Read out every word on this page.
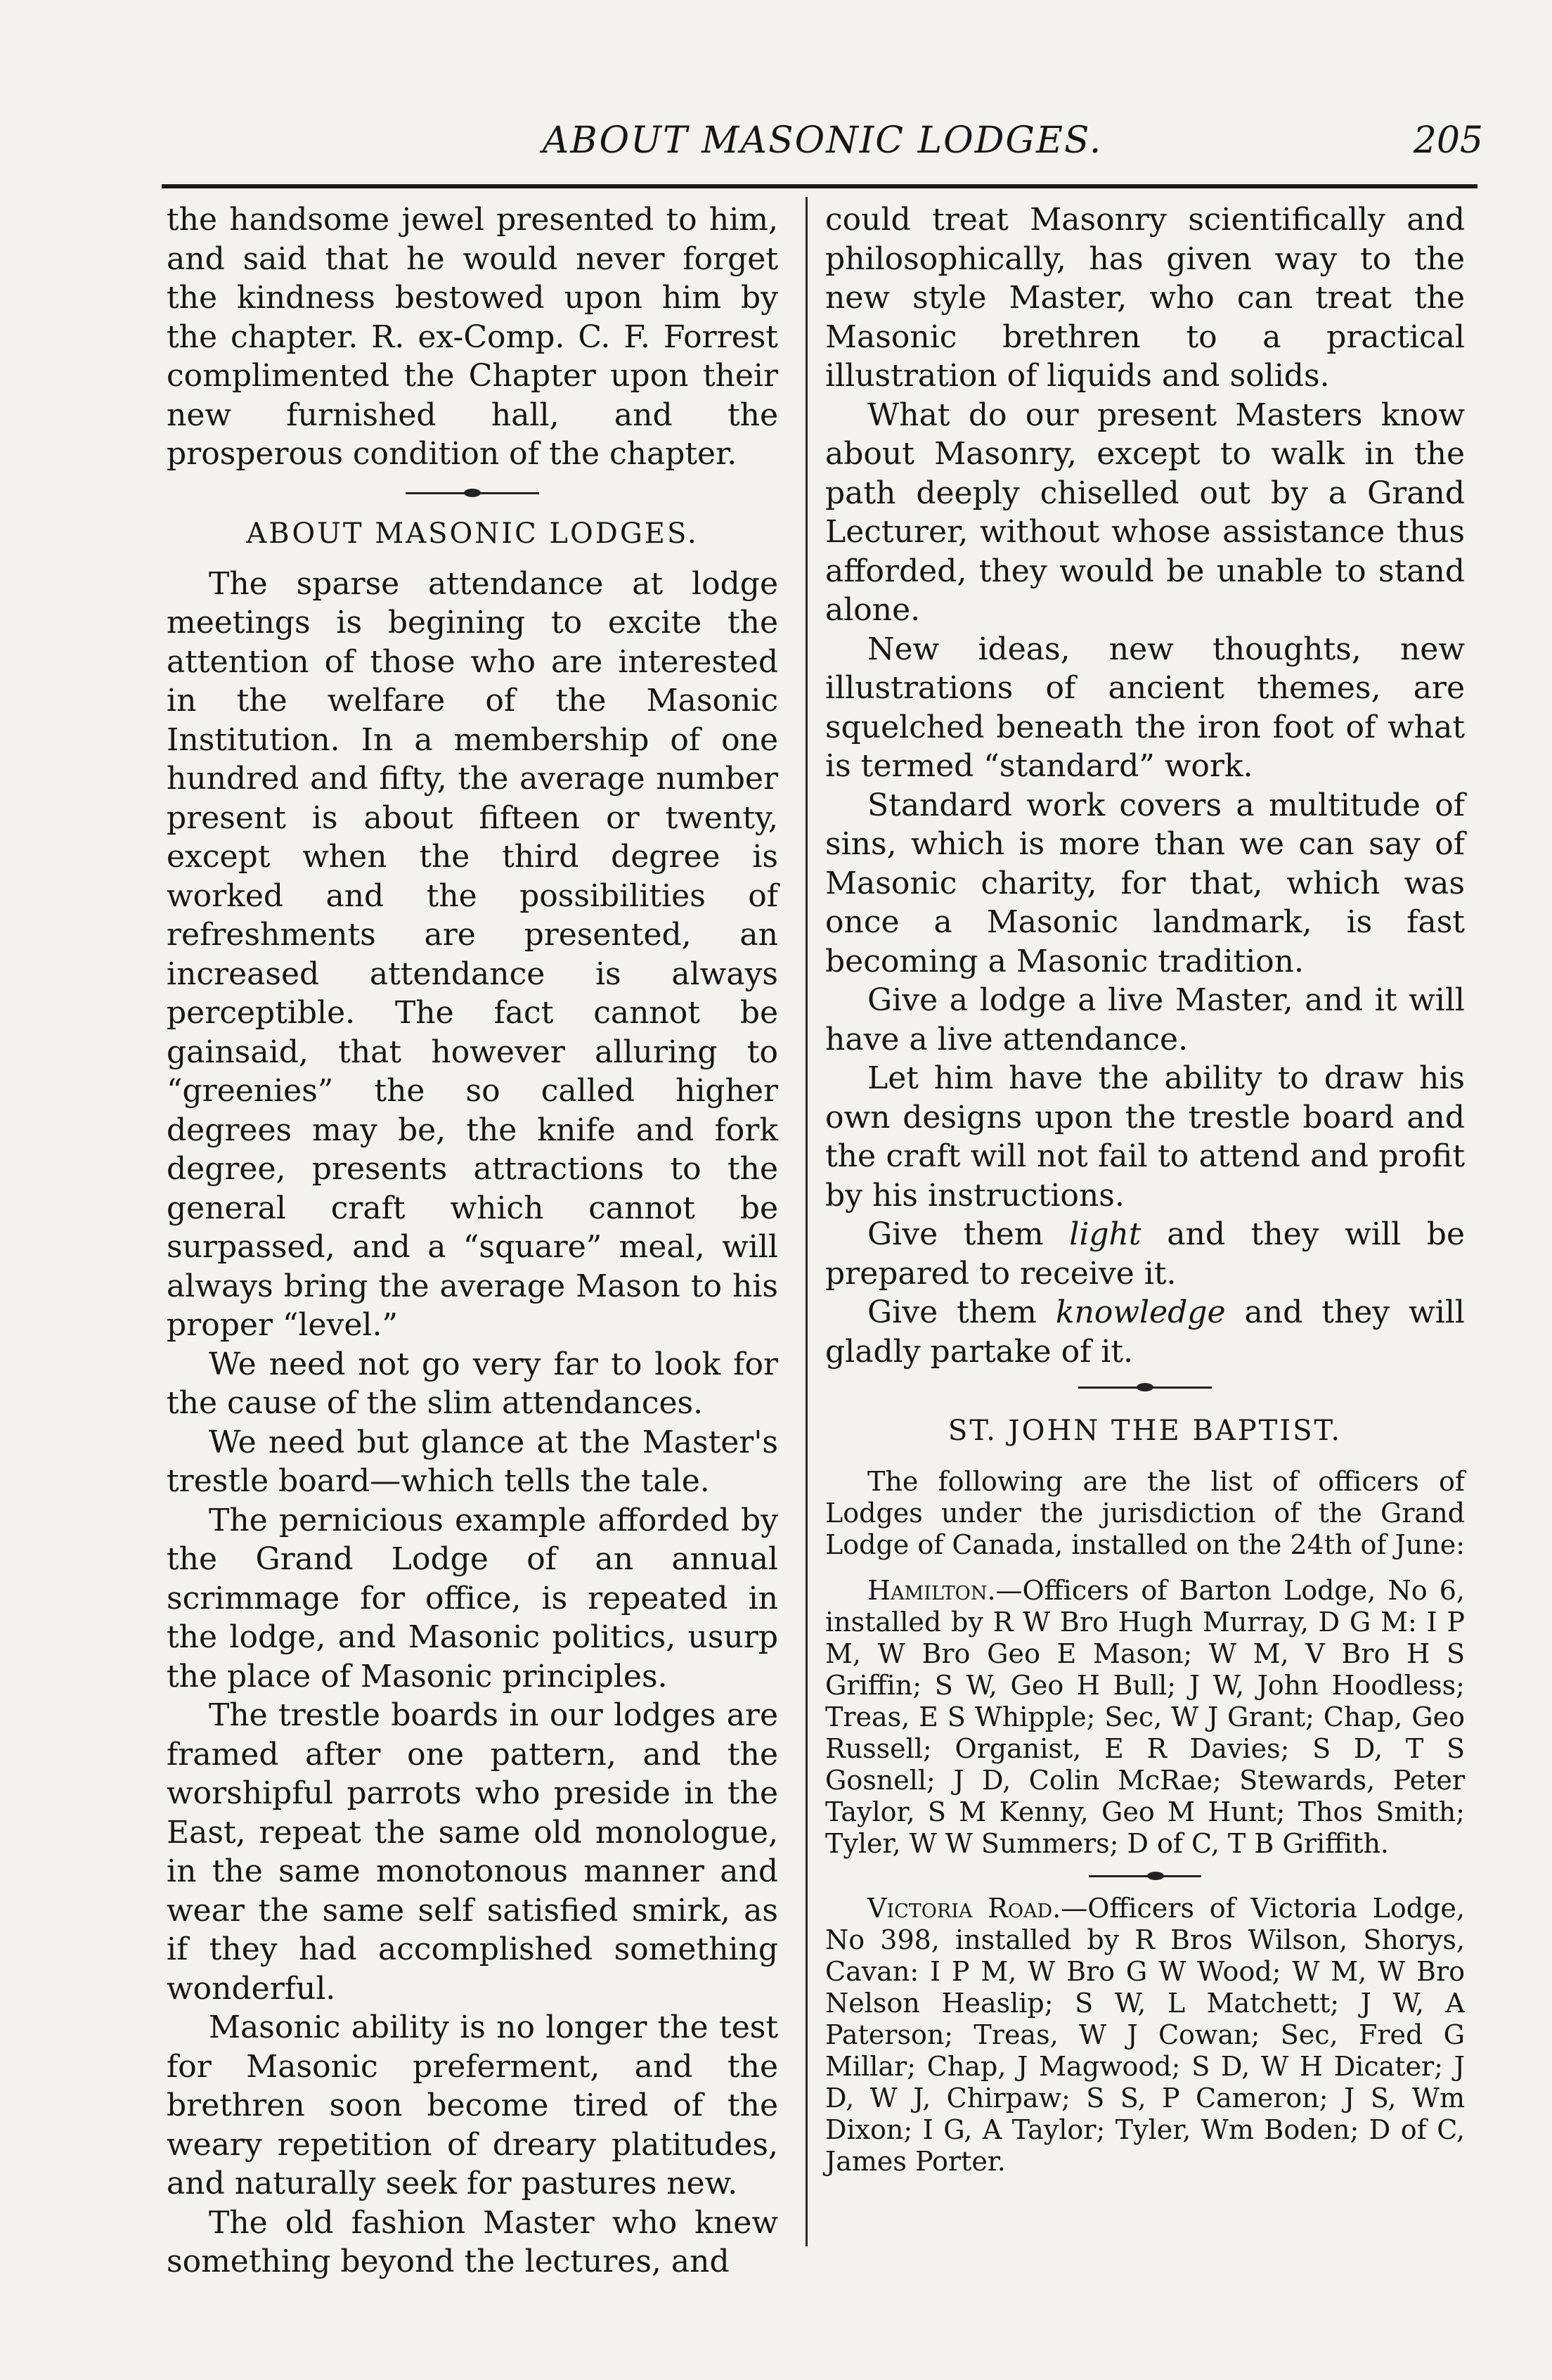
ABOUT MASONIC LODGES.	205

the handsome jewel presented to him, and said that he would never forget the kindness bestowed upon him by the chapter. R. ex-Comp. C. F. Forrest complimented the Chapter upon their new furnished hall, and the prosperous condition of the chapter.

ABOUT MASONIC LODGES.

The sparse attendance at lodge meetings is begining to excite the attention of those who are interested in the welfare of the Masonic Institution. In a membership of one hundred and fifty, the average number present is about fifteen or twenty, except when the third degree is worked and the possibilities of refreshments are presented, an increased attendance is always perceptible. The fact cannot be gainsaid, that however alluring to “greenies” the so called higher degrees may be, the knife and fork degree, presents attractions to the general craft which cannot be surpassed, and a “square” meal, will always bring the average Mason to his proper “level.”

We need not go very far to look for the cause of the slim attendances.

We need but glance at the Master's trestle board—which tells the tale.

The pernicious example afforded by the Grand Lodge of an annual scrimmage for office, is repeated in the lodge, and Masonic politics, usurp the place of Masonic principles.

The trestle boards in our lodges are framed after one pattern, and the worshipful parrots who preside in the East, repeat the same old monologue, in the same monotonous manner and wear the same self satisfied smirk, as if they had accomplished something wonderful.

Masonic ability is no longer the test for Masonic preferment, and the brethren soon become tired of the weary repetition of dreary platitudes, and naturally seek for pastures new.

The old fashion Master who knew something beyond the lectures, and

could treat Masonry scientifically and philosophically, has given way to the new style Master, who can treat the Masonic brethren to a practical illustration of liquids and solids.

What do our present Masters know about Masonry, except to walk in the path deeply chiselled out by a Grand Lecturer, without whose assistance thus afforded, they would be unable to stand alone.

New ideas, new thoughts, new illustrations of ancient themes, are squelched beneath the iron foot of what is termed “standard” work.

Standard work covers a multitude of sins, which is more than we can say of Masonic charity, for that, which was once a Masonic landmark, is fast becoming a Masonic tradition.

Give a lodge a live Master, and it will have a live attendance.

Let him have the ability to draw his own designs upon the trestle board and the craft will not fail to attend and profit by his instructions.

Give them light and they will be prepared to receive it.

Give them knowledge and they will gladly partake of it.

ST. JOHN THE BAPTIST.

The following are the list of officers of Lodges under the jurisdiction of the Grand Lodge of Canada, installed on the 24th of June:

Hamilton.—Officers of Barton Lodge, No 6, installed by R W Bro Hugh Murray, D G M: I P M, W Bro Geo E Mason; W M, V Bro H S Griffin; S W, Geo H Bull; J W, John Hoodless; Treas, E S Whipple; Sec, W J Grant; Chap, Geo Russell; Organist, E R Davies; S D, T S Gosnell; J D, Colin McRae; Stewards, Peter Taylor, S M Kenny, Geo M Hunt; Thos Smith; Tyler, W W Summers; D of C, T B Griffith.

Victoria Road.—Officers of Victoria Lodge, No 398, installed by R Bros Wilson, Shorys, Cavan: I P M, W Bro G W Wood; W M, W Bro Nelson Heaslip; S W, L Matchett; J W, A Paterson; Treas, W J Cowan; Sec, Fred G Millar; Chap, J Magwood; S D, W H Dicater; J D, W J, Chirpaw; S S, P Cameron; J S, Wm Dixon; I G, A Taylor; Tyler, Wm Boden; D of C, James Porter.
